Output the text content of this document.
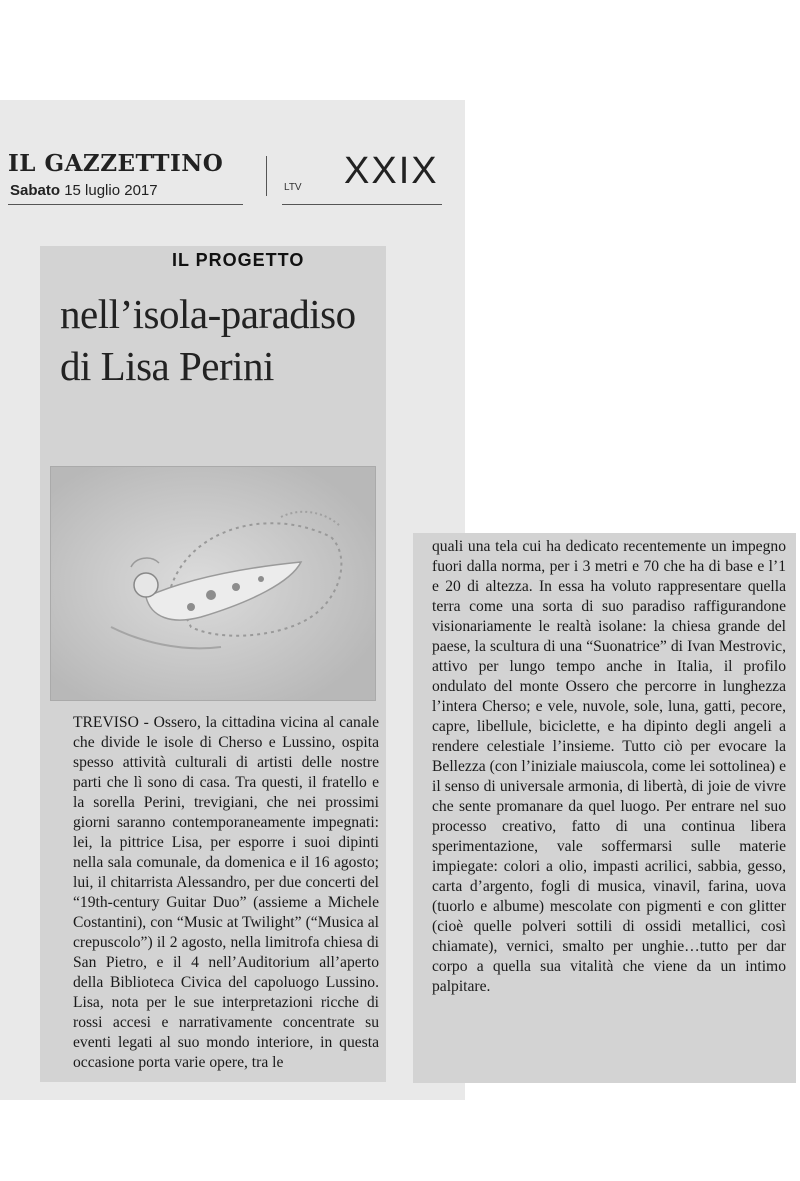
IL GAZZETTINO
Sabato 15 luglio 2017	LTV XXIX
IL PROGETTO
nell’isola-paradiso
di Lisa Perini

TREVISO - Ossero, la cittadina vicina al canale che divide le isole di Cherso e Lussino, ospita spesso attività culturali di artisti delle nostre parti che lì sono di casa. Tra questi, il fratello e la sorella Perini, trevigiani, che nei prossimi giorni saranno contemporaneamente impegnati: lei, la pittrice Lisa, per esporre i suoi dipinti nella sala comunale, da domenica e il 16 agosto; lui, il chitarrista Alessandro, per due concerti del “19th-century Guitar Duo” (assieme a Michele Costantini), con “Music at Twilight” (“Musica al crepuscolo”) il 2 agosto, nella limitrofa chiesa di San Pietro, e il 4 nell’Auditorium all’aperto della Biblioteca Civica del capoluogo Lussino. Lisa, nota per le sue interpretazioni ricche di rossi accesi e narrativamente concentrate su eventi legati al suo mondo interiore, in questa occasione porta varie opere, tra le

quali una tela cui ha dedicato recentemente un impegno fuori dalla norma, per i 3 metri e 70 che ha di base e l’1 e 20 di altezza. In essa ha voluto rappresentare quella terra come una sorta di suo paradiso raffigurandone visionariamente le realtà isolane: la chiesa grande del paese, la scultura di una “Suonatrice” di Ivan Mestrovic, attivo per lungo tempo anche in Italia, il profilo ondulato del monte Ossero che percorre in lunghezza l’intera Cherso; e vele, nuvole, sole, luna, gatti, pecore, capre, libellule, biciclette, e ha dipinto degli angeli a rendere celestiale l’insieme. Tutto ciò per evocare la Bellezza (con l’iniziale maiuscola, come lei sottolinea) e il senso di universale armonia, di libertà, di joie de vivre che sente promanare da quel luogo. Per entrare nel suo processo creativo, fatto di una continua libera sperimentazione, vale soffermarsi sulle materie impiegate: colori a olio, impasti acrilici, sabbia, gesso, carta d’argento, fogli di musica, vinavil, farina, uova (tuorlo e albume) mescolate con pigmenti e con glitter (cioè quelle polveri sottili di ossidi metallici, così chiamate), vernici, smalto per unghie…tutto per dar corpo a quella sua vitalità che viene da un intimo palpitare.
